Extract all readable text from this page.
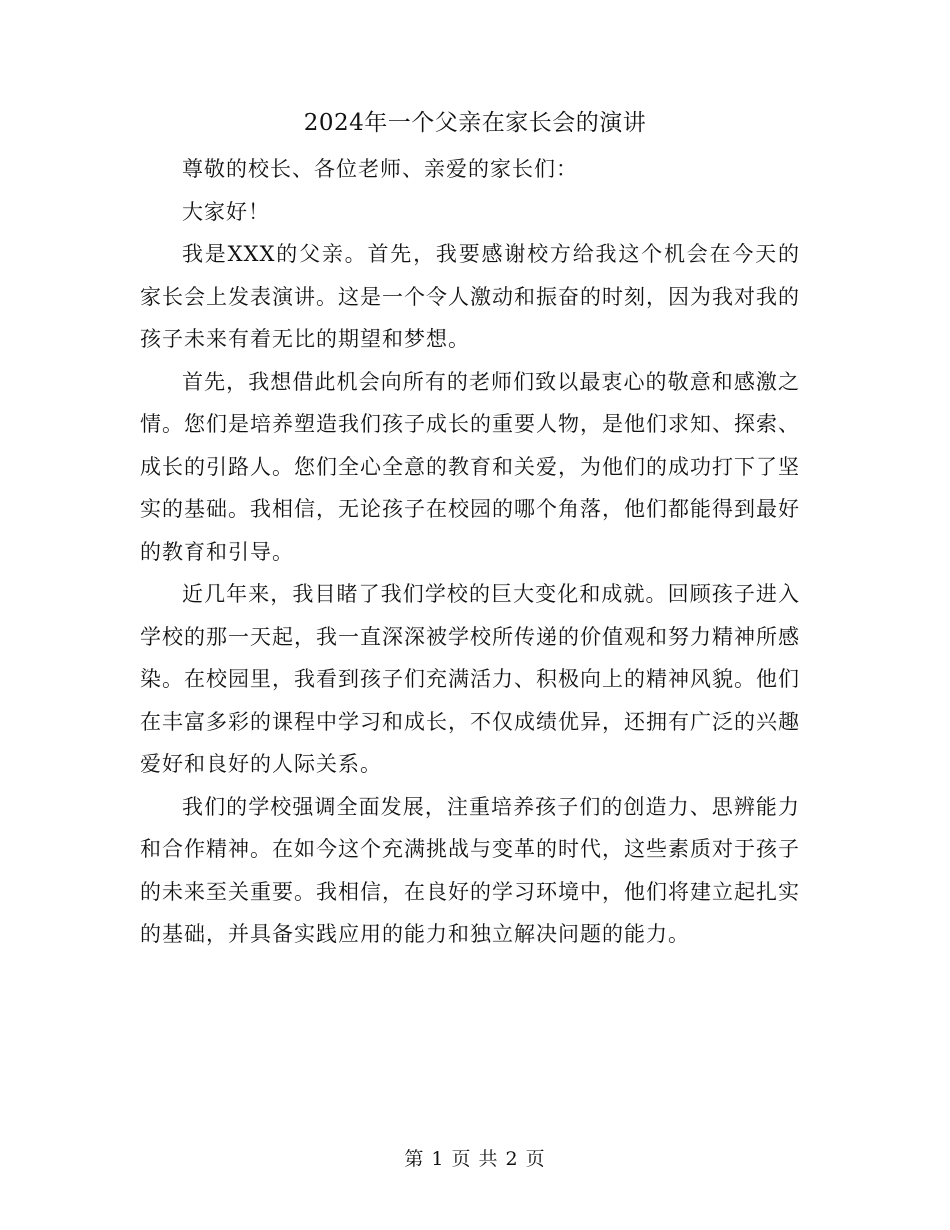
2024年一个父亲在家长会的演讲

尊敬的校长、各位老师、亲爱的家长们：

大家好！

我是XXX的父亲。首先，我要感谢校方给我这个机会在今天的家长会上发表演讲。这是一个令人激动和振奋的时刻，因为我对我的孩子未来有着无比的期望和梦想。

首先，我想借此机会向所有的老师们致以最衷心的敬意和感激之情。您们是培养塑造我们孩子成长的重要人物，是他们求知、探索、成长的引路人。您们全心全意的教育和关爱，为他们的成功打下了坚实的基础。我相信，无论孩子在校园的哪个角落，他们都能得到最好的教育和引导。

近几年来，我目睹了我们学校的巨大变化和成就。回顾孩子进入学校的那一天起，我一直深深被学校所传递的价值观和努力精神所感染。在校园里，我看到孩子们充满活力、积极向上的精神风貌。他们在丰富多彩的课程中学习和成长，不仅成绩优异，还拥有广泛的兴趣爱好和良好的人际关系。

我们的学校强调全面发展，注重培养孩子们的创造力、思辨能力和合作精神。在如今这个充满挑战与变革的时代，这些素质对于孩子的未来至关重要。我相信，在良好的学习环境中，他们将建立起扎实的基础，并具备实践应用的能力和独立解决问题的能力。

第 1 页 共 2 页
